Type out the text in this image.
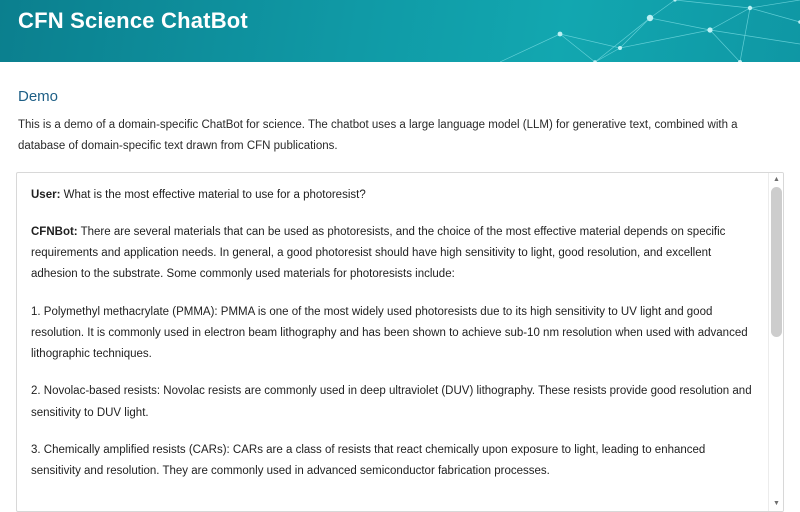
CFN Science ChatBot
Demo

This is a demo of a domain-specific ChatBot for science. The chatbot uses a large language model (LLM) for generative text, combined with a database of domain-specific text drawn from CFN publications.

User: What is the most effective material to use for a photoresist?

CFNBot: There are several materials that can be used as photoresists, and the choice of the most effective material depends on specific requirements and application needs. In general, a good photoresist should have high sensitivity to light, good resolution, and excellent adhesion to the substrate. Some commonly used materials for photoresists include:

1. Polymethyl methacrylate (PMMA): PMMA is one of the most widely used photoresists due to its high sensitivity to UV light and good resolution. It is commonly used in electron beam lithography and has been shown to achieve sub-10 nm resolution when used with advanced lithographic techniques.

2. Novolac-based resists: Novolac resists are commonly used in deep ultraviolet (DUV) lithography. These resists provide good resolution and sensitivity to DUV light.

3. Chemically amplified resists (CARs): CARs are a class of resists that react chemically upon exposure to light, leading to enhanced sensitivity and resolution. They are commonly used in advanced semiconductor fabrication processes.

▲
▼
